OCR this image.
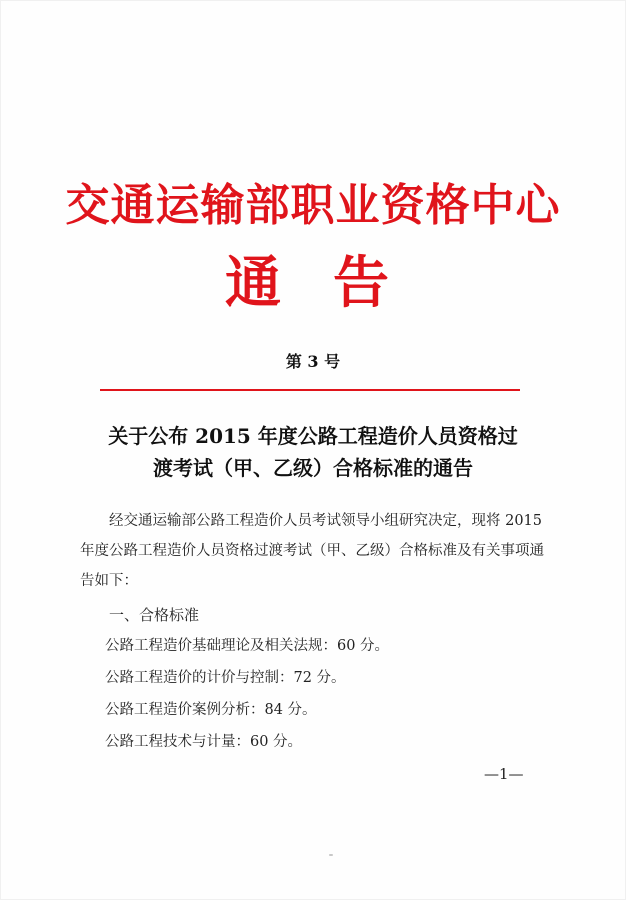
交通运输部职业资格中心
通告
第 3 号
关于公布 2015 年度公路工程造价人员资格过
渡考试（甲、乙级）合格标准的通告

经交通运输部公路工程造价人员考试领导小组研究决定，现将 2015 年度公路工程造价人员资格过渡考试（甲、乙级）合格标准及有关事项通告如下：

一、合格标准
公路工程造价基础理论及相关法规：60 分。
公路工程造价的计价与控制：72 分。
公路工程造价案例分析：84 分。
公路工程技术与计量：60 分。
—1—
